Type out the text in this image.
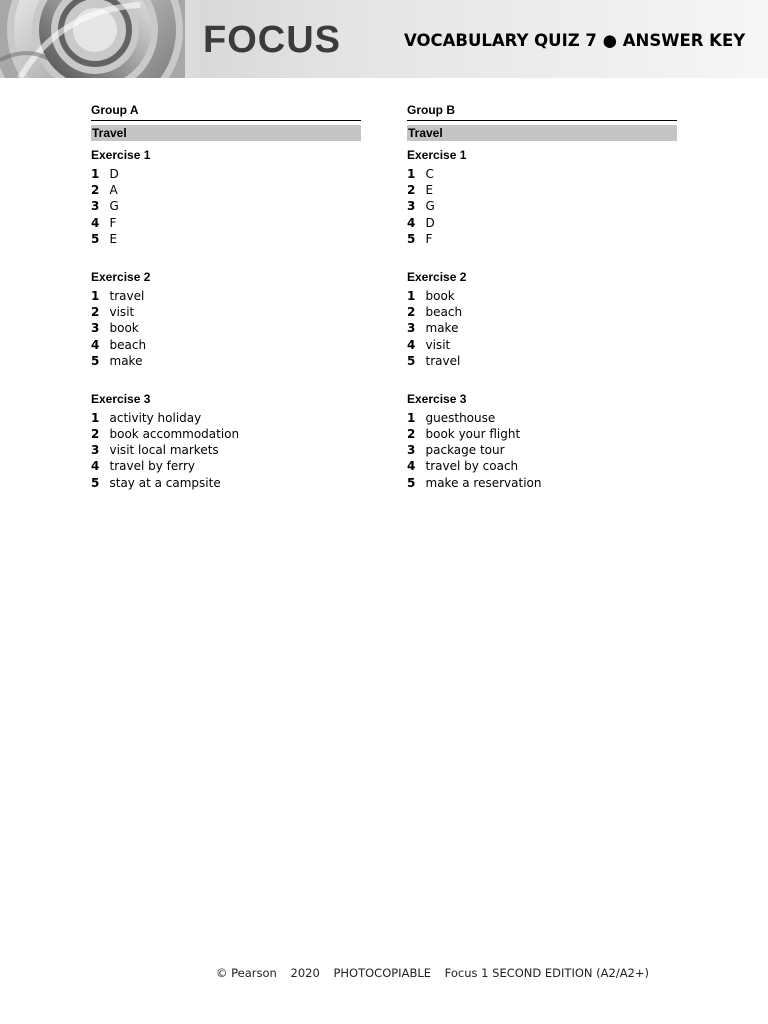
FOCUS	VOCABULARY QUIZ 7 ● ANSWER KEY
Group A
Travel
Exercise 1
1 D
2 A
3 G
4 F
5 E
Exercise 2
1 travel
2 visit
3 book
4 beach
5 make
Exercise 3
1 activity holiday
2 book accommodation
3 visit local markets
4 travel by ferry
5 stay at a campsite
Group B
Travel
Exercise 1
1 C
2 E
3 G
4 D
5 F
Exercise 2
1 book
2 beach
3 make
4 visit
5 travel
Exercise 3
1 guesthouse
2 book your flight
3 package tour
4 travel by coach
5 make a reservation
© Pearson 2020 PHOTOCOPIABLE Focus 1 SECOND EDITION (A2/A2+)
